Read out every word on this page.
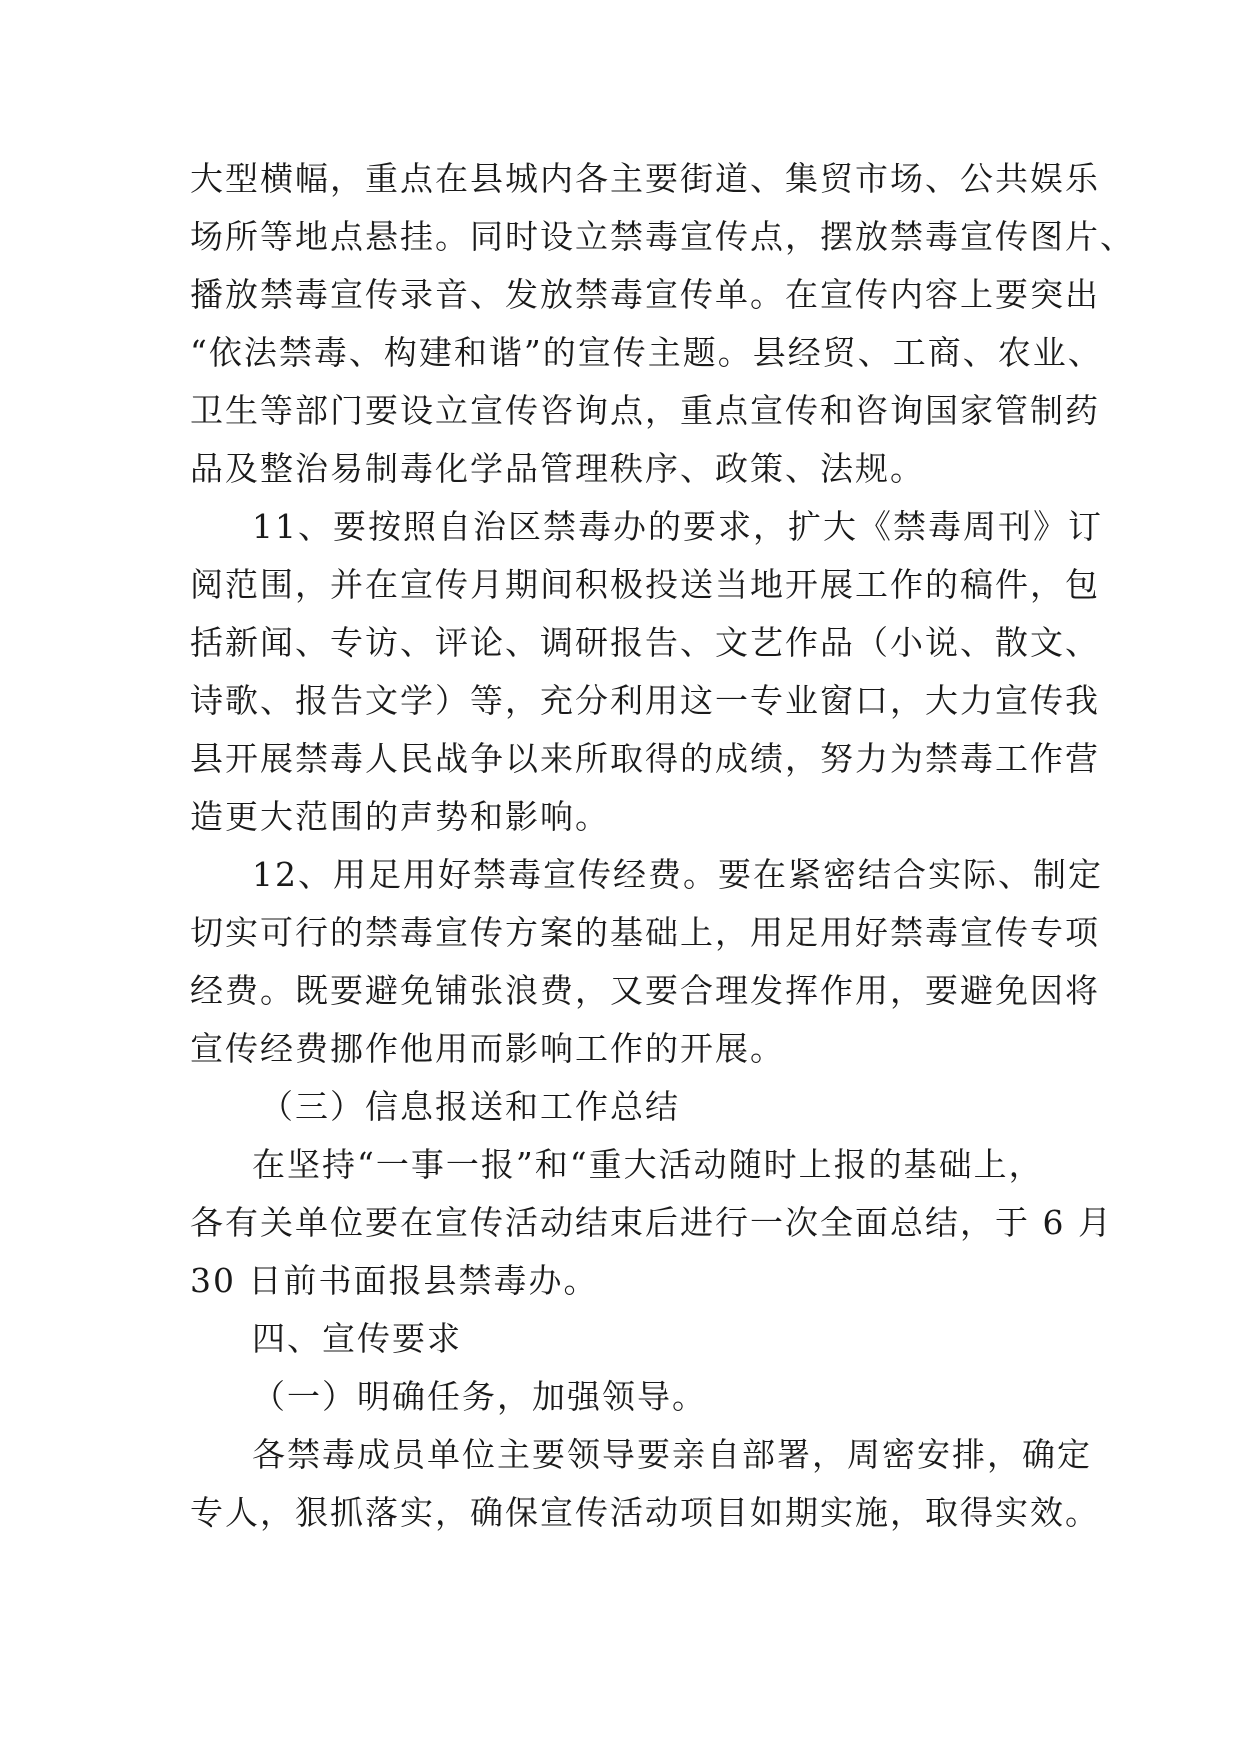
大型横幅，重点在县城内各主要街道、集贸市场、公共娱乐
场所等地点悬挂。同时设立禁毒宣传点，摆放禁毒宣传图片、
播放禁毒宣传录音、发放禁毒宣传单。在宣传内容上要突出
“依法禁毒、构建和谐”的宣传主题。县经贸、工商、农业、
卫生等部门要设立宣传咨询点，重点宣传和咨询国家管制药
品及整治易制毒化学品管理秩序、政策、法规。
11、要按照自治区禁毒办的要求，扩大《禁毒周刊》订
阅范围，并在宣传月期间积极投送当地开展工作的稿件，包
括新闻、专访、评论、调研报告、文艺作品（小说、散文、
诗歌、报告文学）等，充分利用这一专业窗口，大力宣传我
县开展禁毒人民战争以来所取得的成绩，努力为禁毒工作营
造更大范围的声势和影响。
12、用足用好禁毒宣传经费。要在紧密结合实际、制定
切实可行的禁毒宣传方案的基础上，用足用好禁毒宣传专项
经费。既要避免铺张浪费，又要合理发挥作用，要避免因将
宣传经费挪作他用而影响工作的开展。
（三）信息报送和工作总结
在坚持“一事一报”和“重大活动随时上报的基础上，
各有关单位要在宣传活动结束后进行一次全面总结，于 6 月
30 日前书面报县禁毒办。
四、宣传要求
（一）明确任务，加强领导。
各禁毒成员单位主要领导要亲自部署，周密安排，确定
专人，狠抓落实，确保宣传活动项目如期实施，取得实效。
